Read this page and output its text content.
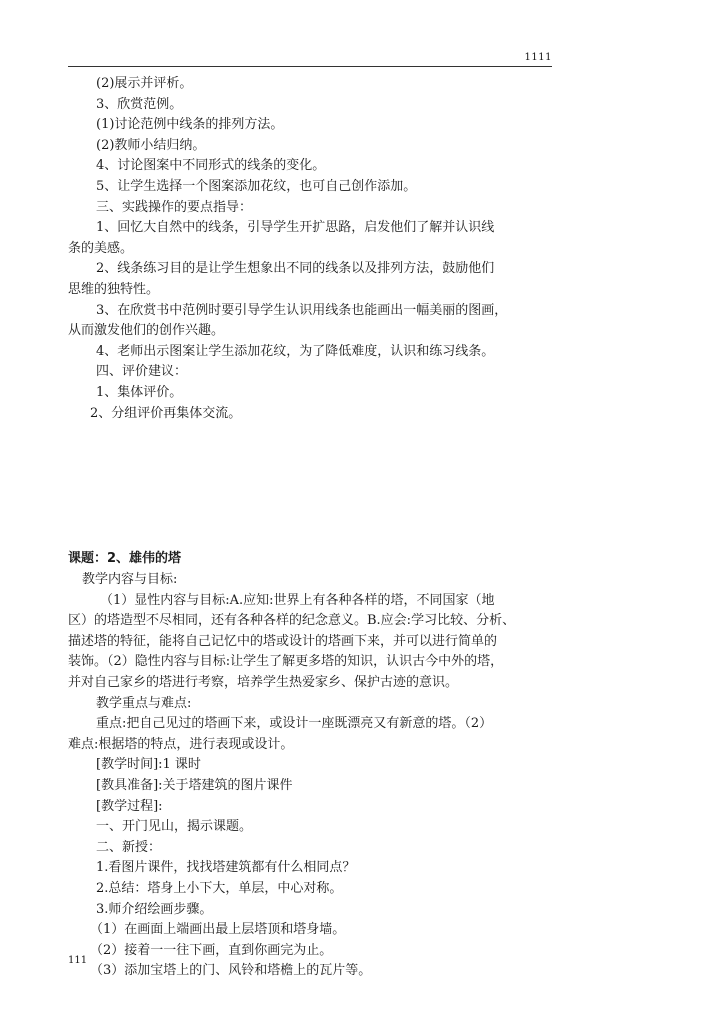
1111
(2)展示并评析。
3、欣赏范例。
(1)讨论范例中线条的排列方法。
(2)教师小结归纳。
4、讨论图案中不同形式的线条的变化。
5、让学生选择一个图案添加花纹，也可自己创作添加。
三、实践操作的要点指导：
1、回忆大自然中的线条，引导学生开扩思路，启发他们了解并认识线
条的美感。
2、线条练习目的是让学生想象出不同的线条以及排列方法，鼓励他们
思维的独特性。
3、在欣赏书中范例时要引导学生认识用线条也能画出一幅美丽的图画，
从而激发他们的创作兴趣。
4、老师出示图案让学生添加花纹，为了降低难度，认识和练习线条。
四、评价建议：
1、集体评价。
2、分组评价再集体交流。
课题：2、雄伟的塔
教学内容与目标:
（1）显性内容与目标:A.应知:世界上有各种各样的塔，不同国家（地
区）的塔造型不尽相同，还有各种各样的纪念意义。B.应会:学习比较、分析、
描述塔的特征，能将自己记忆中的塔或设计的塔画下来，并可以进行简单的
装饰。（2）隐性内容与目标:让学生了解更多塔的知识，认识古今中外的塔，
并对自己家乡的塔进行考察，培养学生热爱家乡、保护古迹的意识。
教学重点与难点:
重点:把自己见过的塔画下来，或设计一座既漂亮又有新意的塔。（2）
难点:根据塔的特点，进行表现或设计。
[教学时间]:1 课时
[教具准备]:关于塔建筑的图片课件
[教学过程]:
一、开门见山，揭示课题。
二、新授：
1.看图片课件，找找塔建筑都有什么相同点？
2.总结：塔身上小下大，单层，中心对称。
3.师介绍绘画步骤。
（1）在画面上端画出最上层塔顶和塔身墙。
（2）接着一一往下画，直到你画完为止。
（3）添加宝塔上的门、风铃和塔檐上的瓦片等。
111
